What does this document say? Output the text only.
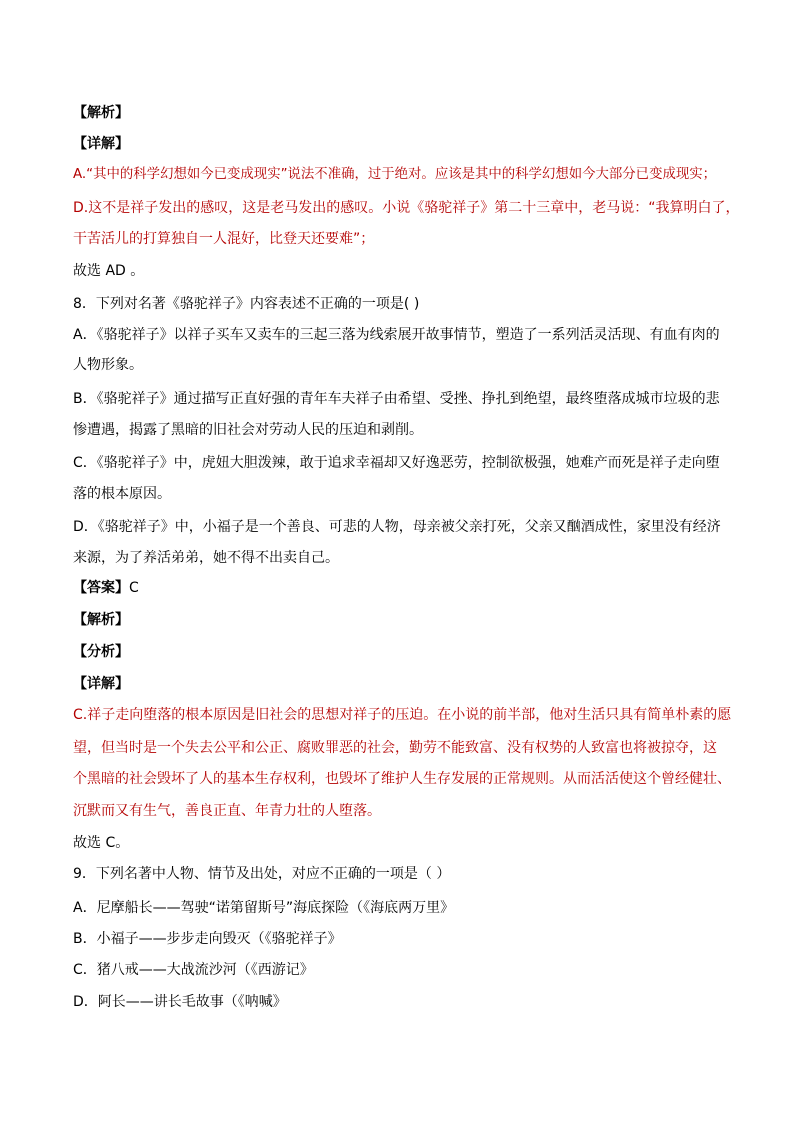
【解析】
【详解】
A.“其中的科学幻想如今已变成现实”说法不准确，过于绝对。应该是其中的科学幻想如今大部分已变成现实；
D.这不是祥子发出的感叹，这是老马发出的感叹。小说《骆驼祥子》第二十三章中，老马说：“我算明白了，
干苦活儿的打算独自一人混好，比登天还要难”；
故选 AD 。
8．下列对名著《骆驼祥子》内容表述不正确的一项是( )
A．《骆驼祥子》以祥子买车又卖车的三起三落为线索展开故事情节，塑造了一系列活灵活现、有血有肉的
人物形象。
B．《骆驼祥子》通过描写正直好强的青年车夫祥子由希望、受挫、挣扎到绝望，最终堕落成城市垃圾的悲
惨遭遇，揭露了黑暗的旧社会对劳动人民的压迫和剥削。
C．《骆驼祥子》中，虎妞大胆泼辣，敢于追求幸福却又好逸恶劳，控制欲极强，她难产而死是祥子走向堕
落的根本原因。
D．《骆驼祥子》中，小福子是一个善良、可悲的人物，母亲被父亲打死，父亲又酗酒成性，家里没有经济
来源，为了养活弟弟，她不得不出卖自己。
【答案】C
【解析】
【分析】
【详解】
C.祥子走向堕落的根本原因是旧社会的思想对祥子的压迫。在小说的前半部，他对生活只具有简单朴素的愿
望，但当时是一个失去公平和公正、腐败罪恶的社会，勤劳不能致富、没有权势的人致富也将被掠夺，这
个黑暗的社会毁坏了人的基本生存权利，也毁坏了维护人生存发展的正常规则。从而活活使这个曾经健壮、
沉默而又有生气，善良正直、年青力壮的人堕落。
故选 C。
9．下列名著中人物、情节及出处，对应不正确的一项是（ ）
A．尼摩船长——驾驶“诺第留斯号”海底探险（《海底两万里》
B．小福子——步步走向毁灭（《骆驼祥子》
C．猪八戒——大战流沙河（《西游记》
D．阿长——讲长毛故事（《呐喊》
